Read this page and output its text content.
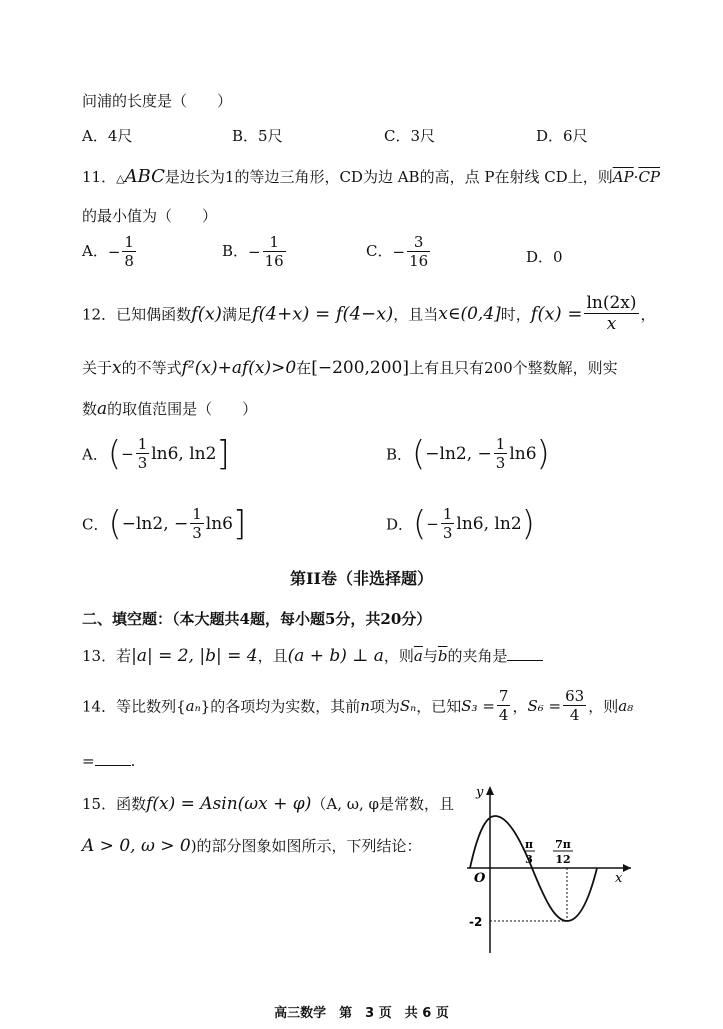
问浦的长度是（　　）
A．4尺	B．5尺	C．3尺	D．6尺
11．△ABC是边长为1的等边三角形，CD为边 AB的高，点 P在射线 CD上，则$\overline{AP}\cdot\overline{CP}$
的最小值为（　　）
A．− $\frac{1}{8}$	B．− $\frac{1}{16}$	C．− $\frac{3}{16}$	D．0
12．已知偶函数f(x)满足f(4+x) = f(4−x)，且当x∈(0,4]时，$f(x) = \frac{\ln(2x)}{x}$ ，
关于x的不等式f²(x)+af(x)>0在[−200,200]上有且只有200个整数解，则实
数a的取值范围是（　　）
A．(− $\frac{1}{3} \ln 6$, ln2]	B．(−ln2, − $\frac{1}{3} \ln 6$)
C．(−ln2, − $\frac{1}{3} \ln 6$]	D．(− $\frac{1}{3} \ln 6$, ln2)
第II卷（非选择题）
二、填空题：（本大题共4题，每小题5分，共20分）
13．若|a| = 2, |b| = 4，且(a + b) ⊥ a，则$\overline{a}$与$\overline{b}$的夹角是
14．等比数列{aₙ}的各项均为实数，其前n项为Sₙ，已知$S_3 = \frac{7}{4}$ ，$S_6 = \frac{63}{4}$ ，则a₈
= .
15．函数f(x) = Asin(ωx + φ)（A, ω, φ是常数，且
A > 0, ω > 0)的部分图象如图所示，下列结论：
y
x
O
π
3
7π
12
-2
高三数学　第　3 页　共 6 页
